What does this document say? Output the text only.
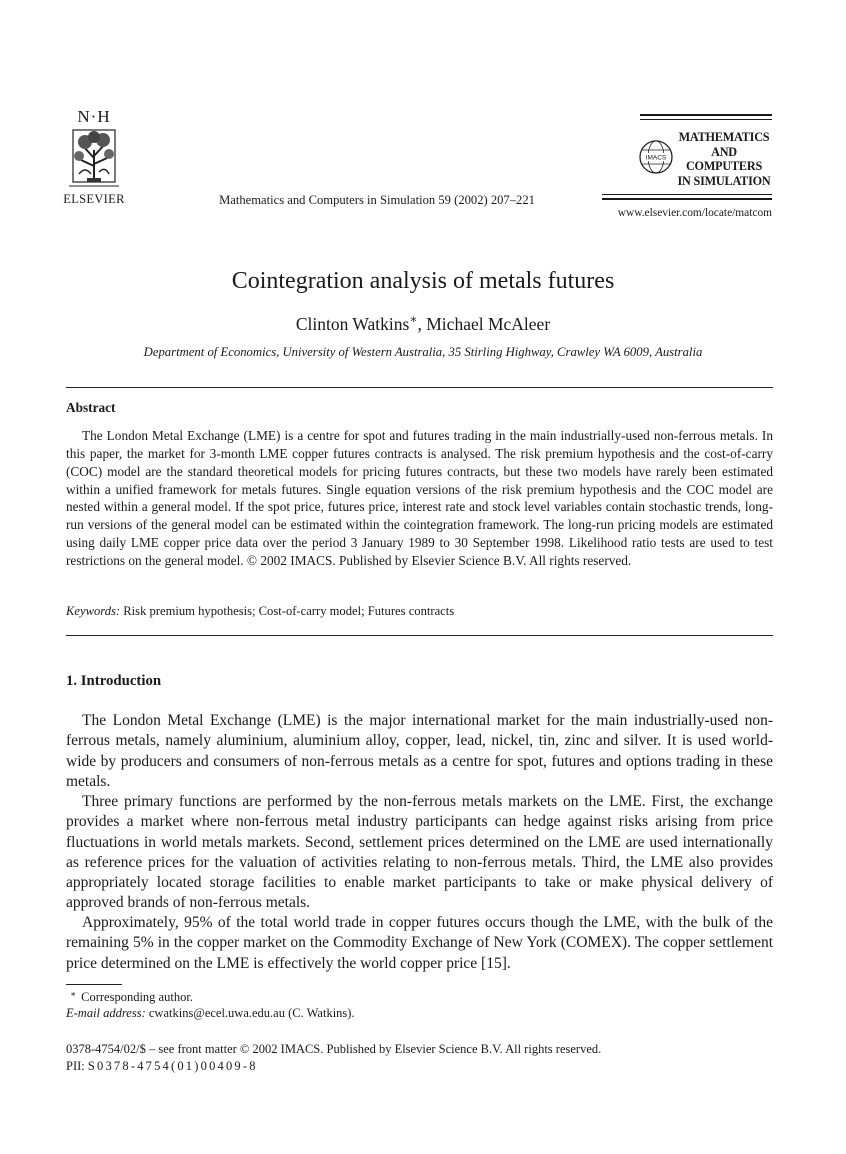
N·H
ELSEVIER	Mathematics and Computers in Simulation 59 (2002) 207–221
IMACS
MATHEMATICS
AND
COMPUTERS
IN SIMULATION
www.elsevier.com/locate/matcom
Cointegration analysis of metals futures
Clinton Watkins∗, Michael McAleer
Department of Economics, University of Western Australia, 35 Stirling Highway, Crawley WA 6009, Australia
Abstract

The London Metal Exchange (LME) is a centre for spot and futures trading in the main industrially-used non-ferrous metals. In this paper, the market for 3-month LME copper futures contracts is analysed. The risk premium hypothesis and the cost-of-carry (COC) model are the standard theoretical models for pricing futures contracts, but these two models have rarely been estimated within a unified framework for metals futures. Single equation versions of the risk premium hypothesis and the COC model are nested within a general model. If the spot price, futures price, interest rate and stock level variables contain stochastic trends, long-run versions of the general model can be estimated within the cointegration framework. The long-run pricing models are estimated using daily LME copper price data over the period 3 January 1989 to 30 September 1998. Likelihood ratio tests are used to test restrictions on the general model. © 2002 IMACS. Published by Elsevier Science B.V. All rights reserved.

Keywords: Risk premium hypothesis; Cost-of-carry model; Futures contracts
1. Introduction

The London Metal Exchange (LME) is the major international market for the main industrially-used non-ferrous metals, namely aluminium, aluminium alloy, copper, lead, nickel, tin, zinc and silver. It is used world-wide by producers and consumers of non-ferrous metals as a centre for spot, futures and options trading in these metals.

Three primary functions are performed by the non-ferrous metals markets on the LME. First, the exchange provides a market where non-ferrous metal industry participants can hedge against risks arising from price fluctuations in world metals markets. Second, settlement prices determined on the LME are used internationally as reference prices for the valuation of activities relating to non-ferrous metals. Third, the LME also provides appropriately located storage facilities to enable market participants to take or make physical delivery of approved brands of non-ferrous metals.

Approximately, 95% of the total world trade in copper futures occurs though the LME, with the bulk of the remaining 5% in the copper market on the Commodity Exchange of New York (COMEX). The copper settlement price determined on the LME is effectively the world copper price [15].

∗ Corresponding author.
E-mail address: cwatkins@ecel.uwa.edu.au (C. Watkins).
0378-4754/02/$ – see front matter © 2002 IMACS. Published by Elsevier Science B.V. All rights reserved.
PII: S0378-4754(01)00409-8
